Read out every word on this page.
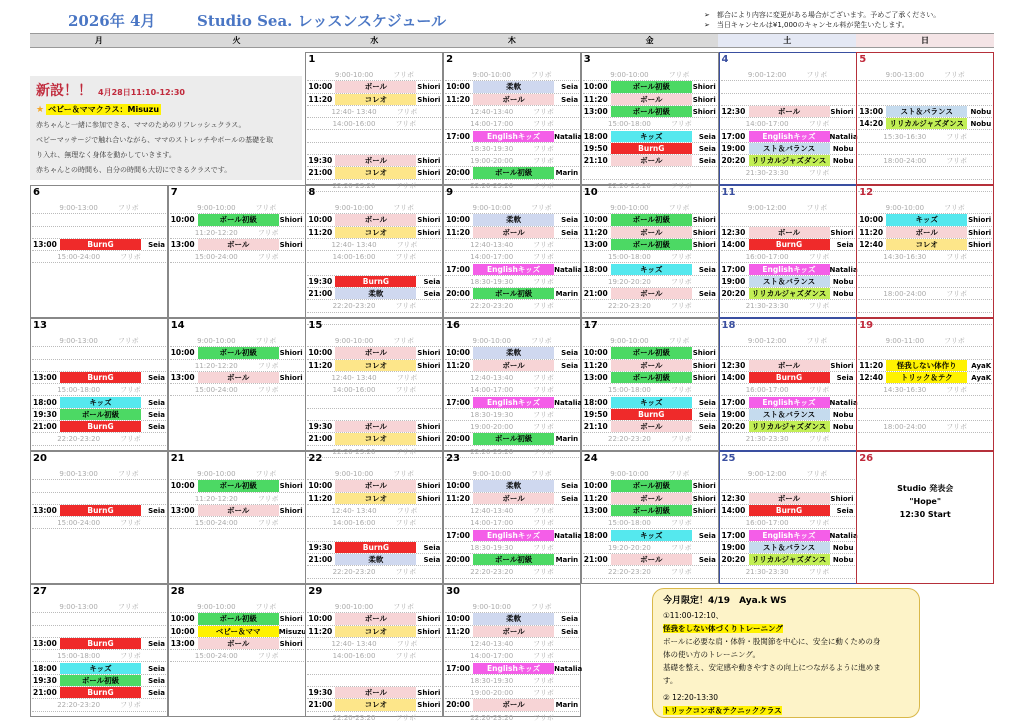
2026年 4月	Studio Sea. レッスンスケジュール	➢　都合により内容に変更がある場合がございます。予めご了承ください。
➢　当日キャンセルは¥1,000のキャンセル料が発生いたします。
月	火	水	木	金	土	日
新設！！ 4月28日11:10-12:30
★ ベビー＆ママクラス：Misuzu
赤ちゃんと一緒に参加できる、ママのためのリフレッシュクラス。
ベビーマッサージで触れ合いながら、ママのストレッチやボールの基礎を取
り入れ、無理なく身体を動かしていきます。
赤ちゃんとの時間も、自分の時間も大切にできるクラスです。
1
9:00-10:00	フリボ
10:00	ボール	Shiori
11:20	コレオ	Shiori
12:40- 13:40	フリボ
14:00-16:00	フリボ
19:30	ボール	Shiori
21:00	コレオ	Shiori
22:20-23:20	フリボ
2
9:00-10:00	フリボ
10:00	柔軟	Seia
11:20	ボール	Seia
12:40-13:40	フリボ
14:00-17:00	フリボ
17:00	Englishキッズ	Natalia
18:30-19:30	フリボ
19:00-20:00	フリボ
20:00	ボール初級	Marin
22:20-23:20	フリボ
3
9:00-10:00	フリボ
10:00	ボール初級	Shiori
11:20	ボール	Shiori
13:00	ボール初級	Shiori
15:00-18:00	フリボ
18:00	キッズ	Seia
19:50	BurnG	Seia
21:10	ボール	Seia
22:20-23:20	フリボ
4
9:00-12:00	フリボ
12:30	ボール	Shiori
14:00-17:00	フリボ
17:00	Englishキッズ	Natalia
19:00	スト＆バランス	Nobu
20:20 リリカルジャズダンス Nobu
21:30-23:30	フリボ
5
9:00-13:00	フリボ
13:00	スト＆バランス	Nobu
14:20 リリカルジャズダンス Nobu
15:30-16:30	フリボ
18:00-24:00	フリボ
6
9:00-13:00	フリボ
13:00	BurnG	Seia
15:00-24:00	フリボ
7
9:00-10:00	フリボ
10:00	ボール初級	Shiori
11:20-12:20	フリボ
13:00	ボール	Shiori
15:00-24:00	フリボ
8
9:00-10:00	フリボ
10:00	ボール	Shiori
11:20	コレオ	Shiori
12:40- 13:40	フリボ
14:00-16:00	フリボ
19:30	BurnG	Seia
21:00	柔軟	Seia
22:20-23:20	フリボ
9
9:00-10:00	フリボ
10:00	柔軟	Seia
11:20	ボール	Seia
12:40-13:40	フリボ
14:00-17:00	フリボ
17:00	Englishキッズ	Natalia
18:30-19:30	フリボ
20:00	ボール初級	Marin
22:20-23:20	フリボ
10
9:00-10:00	フリボ
10:00	ボール初級	Shiori
11:20	ボール	Shiori
13:00	ボール初級	Shiori
15:00-18:00	フリボ
18:00	キッズ	Seia
19:20-20:20	フリボ
21:00	ボール	Seia
22:20-23:20	フリボ
11
9:00-12:00	フリボ
12:30	ボール	Shiori
14:00	BurnG	Seia
16:00-17:00	フリボ
17:00	Englishキッズ	Natalia
19:00	スト＆バランス	Nobu
20:20 リリカルジャズダンス Nobu
21:30-23:30	フリボ
12
9:00-10:00	フリボ
10:00	キッズ	Shiori
11:20	ボール	Shiori
12:40	コレオ	Shiori
14:30-16:30	フリボ
18:00-24:00	フリボ
13
9:00-13:00	フリボ
13:00	BurnG	Seia
15:00-18:00	フリボ
18:00	キッズ	Seia
19:30	ボール初級	Seia
21:00	BurnG	Seia
22:20-23:20	フリボ
14
9:00-10:00	フリボ
10:00	ボール初級	Shiori
11:20-12:20	フリボ
13:00	ボール	Shiori
15:00-24:00	フリボ
15
9:00-10:00	フリボ
10:00	ボール	Shiori
11:20	コレオ	Shiori
12:40- 13:40	フリボ
14:00-16:00	フリボ
19:30	ボール	Shiori
21:00	コレオ	Shiori
22:20-23:20	フリボ
16
9:00-10:00	フリボ
10:00	柔軟	Seia
11:20	ボール	Seia
12:40-13:40	フリボ
14:00-17:00	フリボ
17:00	Englishキッズ	Natalia
18:30-19:30	フリボ
19:00-20:00	フリボ
20:00	ボール初級	Marin
22:20-23:20	フリボ
17
9:00-10:00	フリボ
10:00	ボール初級	Shiori
11:20	ボール	Shiori
13:00	ボール初級	Shiori
15:00-18:00	フリボ
18:00	キッズ	Seia
19:50	BurnG	Seia
21:10	ボール	Seia
22:20-23:20	フリボ
18
9:00-12:00	フリボ
12:30	ボール	Shiori
14:00	BurnG	Seia
16:00-17:00	フリボ
17:00	Englishキッズ	Natalia
19:00	スト＆バランス	Nobu
20:20 リリカルジャズダンス Nobu
21:30-23:30	フリボ
19
9:00-11:00	フリボ
11:20	怪我しない体作り	AyaK
12:40	トリック＆テク	AyaK
14:30-16:30	フリボ
18:00-24:00	フリボ
20
9:00-13:00	フリボ
13:00	BurnG	Seia
15:00-24:00	フリボ
21
9:00-10:00	フリボ
10:00	ボール初級	Shiori
11:20-12:20	フリボ
13:00	ボール	Shiori
15:00-24:00	フリボ
22
9:00-10:00	フリボ
10:00	ボール	Shiori
11:20	コレオ	Shiori
12:40- 13:40	フリボ
14:00-16:00	フリボ
19:30	BurnG	Seia
21:00	柔軟	Seia
22:20-23:20	フリボ
23
9:00-10:00	フリボ
10:00	柔軟	Seia
11:20	ボール	Seia
12:40-13:40	フリボ
14:00-17:00	フリボ
17:00	Englishキッズ	Natalia
18:30-19:30	フリボ
20:00	ボール初級	Marin
22:20-23:20	フリボ
24
9:00-10:00	フリボ
10:00	ボール初級	Shiori
11:20	ボール	Shiori
13:00	ボール初級	Shiori
15:00-18:00	フリボ
18:00	キッズ	Seia
19:20-20:20	フリボ
21:00	ボール	Seia
22:20-23:20	フリボ
25
9:00-12:00	フリボ
12:30	ボール	Shiori
14:00	BurnG	Seia
16:00-17:00	フリボ
17:00	Englishキッズ	Natalia
19:00	スト＆バランス	Nobu
20:20 リリカルジャズダンス Nobu
21:30-23:30	フリボ
26
Studio 発表会
"Hope"
12:30 Start
27
9:00-13:00	フリボ
13:00	BurnG	Seia
15:00-18:00	フリボ
18:00	キッズ	Seia
19:30	ボール初級	Seia
21:00	BurnG	Seia
22:20-23:20	フリボ
28
9:00-10:00	フリボ
10:00	ボール初級	Shiori
10:00	ベビー＆ママ	Misuzu
13:00	ボール	Shiori
15:00-24:00	フリボ
29
9:00-10:00	フリボ
10:00	ボール	Shiori
11:20	コレオ	Shiori
12:40- 13:40	フリボ
14:00-16:00	フリボ
19:30	ボール	Shiori
21:00	コレオ	Shiori
22:20-23:20	フリボ
30
9:00-10:00	フリボ
10:00	柔軟	Seia
11:20	ボール	Seia
12:40-13:40	フリボ
14:00-17:00	フリボ
17:00	Englishキッズ	Natalia
18:30-19:30	フリボ
19:00-20:00	フリボ
20:00	ボール	Marin
22:20-23:20	フリボ
今月限定！4/19　Aya.k WS
①11:00-12:10、
怪我をしない体づくりトレーニング
ボールに必要な肩・体幹・股関節を中心に、安全に動くための身
体の使い方のトレーニング。
基礎を整え、安定感や動きやすさの向上につながるように進めま
す。
② 12:20-13:30
トリックコンボ＆テクニッククラス
